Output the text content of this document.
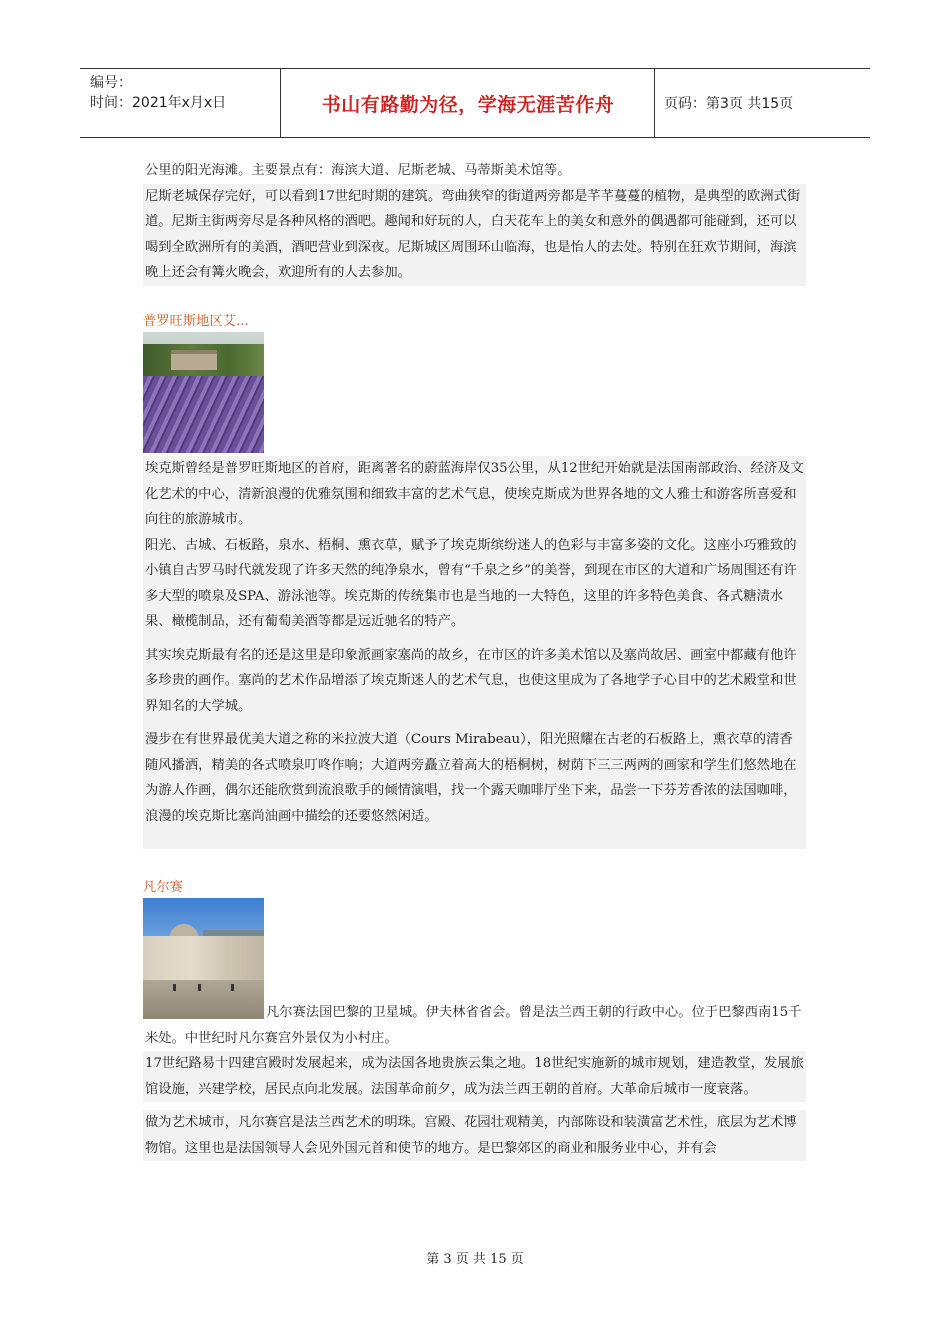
编号：
时间：2021年x月x日	书山有路勤为径，学海无涯苦作舟	页码：第3页 共15页

公里的阳光海滩。主要景点有：海滨大道、尼斯老城、马蒂斯美术馆等。

尼斯老城保存完好，可以看到17世纪时期的建筑。弯曲狭窄的街道两旁都是芊芊蔓蔓的植物，是典型的欧洲式街道。尼斯主街两旁尽是各种风格的酒吧。趣闻和好玩的人，白天花车上的美女和意外的偶遇都可能碰到，还可以喝到全欧洲所有的美酒，酒吧营业到深夜。尼斯城区周围环山临海，也是怡人的去处。特别在狂欢节期间，海滨晚上还会有篝火晚会，欢迎所有的人去参加。

普罗旺斯地区艾...

埃克斯曾经是普罗旺斯地区的首府，距离著名的蔚蓝海岸仅35公里，从12世纪开始就是法国南部政治、经济及文化艺术的中心，清新浪漫的优雅氛围和细致丰富的艺术气息，使埃克斯成为世界各地的文人雅士和游客所喜爱和向往的旅游城市。

阳光、古城、石板路，泉水、梧桐、熏衣草，赋予了埃克斯缤纷迷人的色彩与丰富多姿的文化。这座小巧雅致的小镇自古罗马时代就发现了许多天然的纯净泉水，曾有“千泉之乡”的美誉，到现在市区的大道和广场周围还有许多大型的喷泉及SPA、游泳池等。埃克斯的传统集市也是当地的一大特色，这里的许多特色美食、各式糖渍水果、橄榄制品，还有葡萄美酒等都是远近驰名的特产。

其实埃克斯最有名的还是这里是印象派画家塞尚的故乡，在市区的许多美术馆以及塞尚故居、画室中都藏有他许多珍贵的画作。塞尚的艺术作品增添了埃克斯迷人的艺术气息，也使这里成为了各地学子心目中的艺术殿堂和世界知名的大学城。

漫步在有世界最优美大道之称的米拉波大道（Cours Mirabeau），阳光照耀在古老的石板路上，熏衣草的清香随风播洒，精美的各式喷泉叮咚作响；大道两旁矗立着高大的梧桐树，树荫下三三两两的画家和学生们悠然地在为游人作画，偶尔还能欣赏到流浪歌手的倾情演唱，找一个露天咖啡厅坐下来，品尝一下芬芳香浓的法国咖啡，浪漫的埃克斯比塞尚油画中描绘的还要悠然闲适。

凡尔赛

凡尔赛法国巴黎的卫星城。伊夫林省省会。曾是法兰西王朝的行政中心。位于巴黎西南15千米处。中世纪时凡尔赛宫外景仅为小村庄。

17世纪路易十四建宫殿时发展起来，成为法国各地贵族云集之地。18世纪实施新的城市规划，建造教堂，发展旅馆设施，兴建学校，居民点向北发展。法国革命前夕，成为法兰西王朝的首府。大革命后城市一度衰落。

做为艺术城市，凡尔赛宫是法兰西艺术的明珠。宫殿、花园壮观精美，内部陈设和装潢富艺术性，底层为艺术博物馆。这里也是法国领导人会见外国元首和使节的地方。是巴黎郊区的商业和服务业中心，并有会

第 3 页 共 15 页
